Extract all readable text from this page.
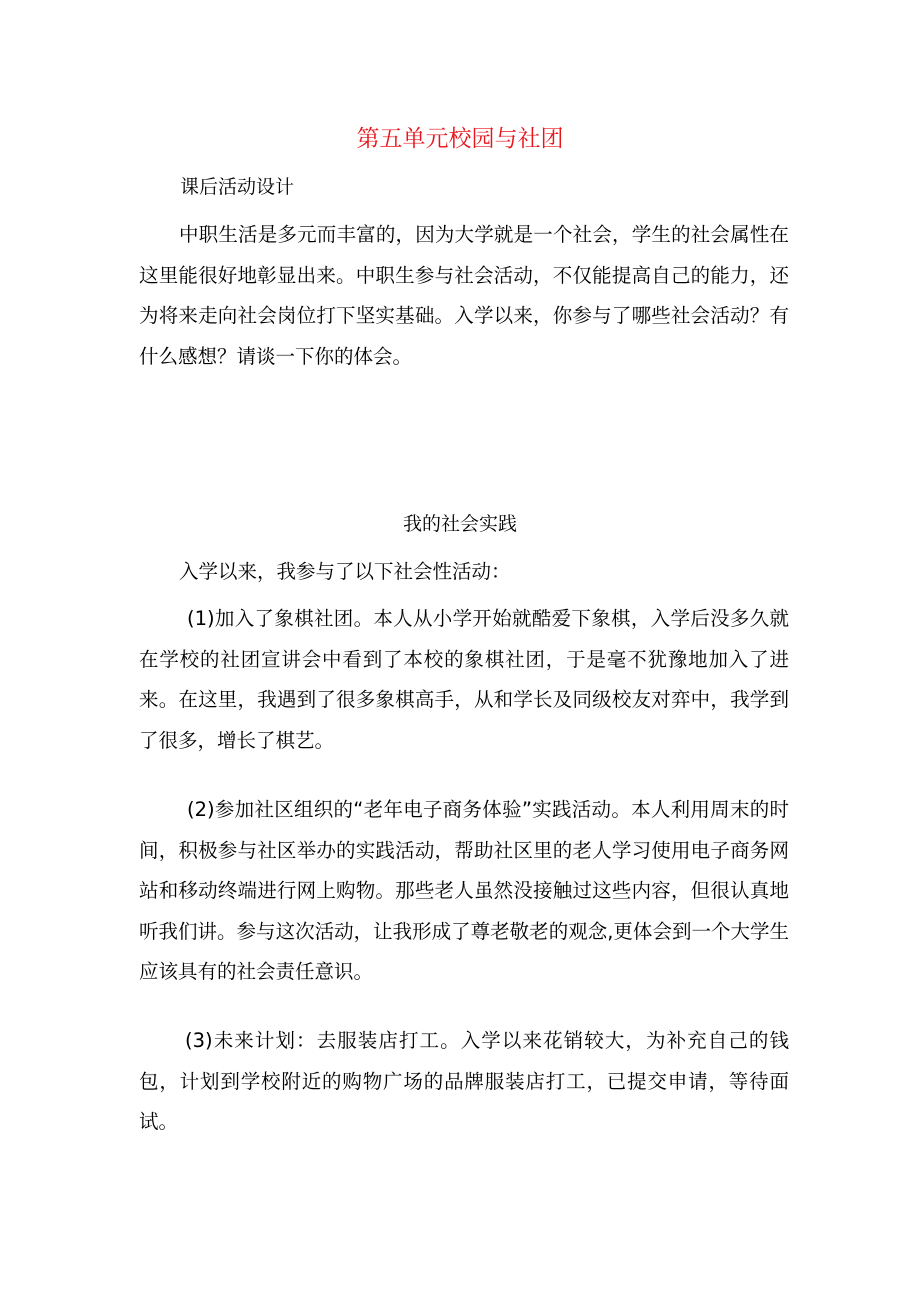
第五单元校园与社团
课后活动设计

中职生活是多元而丰富的，因为大学就是一个社会，学生的社会属性在这里能很好地彰显出来。中职生参与社会活动，不仅能提高自己的能力，还为将来走向社会岗位打下坚实基础。入学以来，你参与了哪些社会活动？有什么感想？请谈一下你的体会。

我的社会实践

入学以来，我参与了以下社会性活动：

(1)加入了象棋社团。本人从小学开始就酷爱下象棋，入学后没多久就在学校的社团宣讲会中看到了本校的象棋社团，于是毫不犹豫地加入了进来。在这里，我遇到了很多象棋高手，从和学长及同级校友对弈中，我学到了很多，增长了棋艺。

(2)参加社区组织的“老年电子商务体验”实践活动。本人利用周末的时间，积极参与社区举办的实践活动，帮助社区里的老人学习使用电子商务网站和移动终端进行网上购物。那些老人虽然没接触过这些内容，但很认真地听我们讲。参与这次活动，让我形成了尊老敬老的观念,更体会到一个大学生应该具有的社会责任意识。

(3)未来计划：去服装店打工。入学以来花销较大，为补充自己的钱包，计划到学校附近的购物广场的品牌服装店打工，已提交申请，等待面试。
